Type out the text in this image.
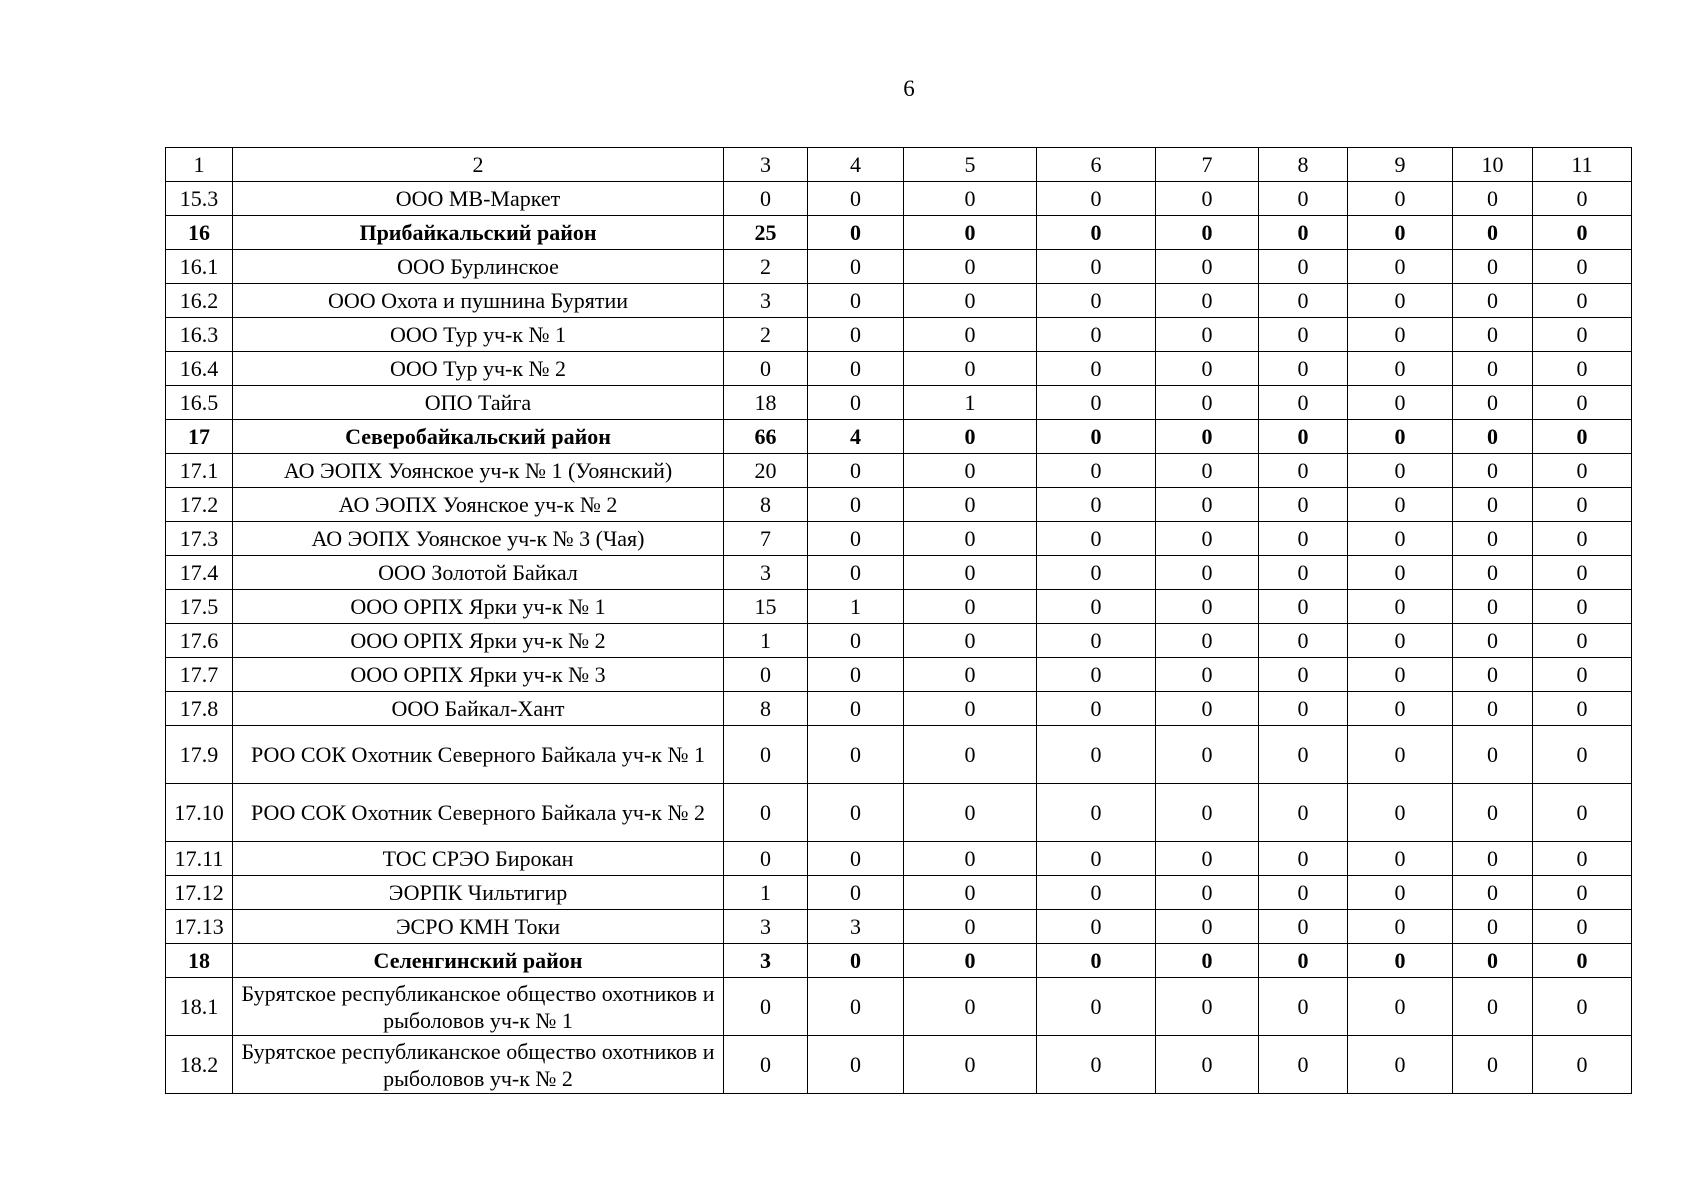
6
1	2	3	4	5	6	7	8	9	10	11
15.3	ООО МВ-Маркет	0	0	0	0	0	0	0	0	0
16	Прибайкальский район	25	0	0	0	0	0	0	0	0
16.1	ООО Бурлинское	2	0	0	0	0	0	0	0	0
16.2	ООО Охота и пушнина Бурятии	3	0	0	0	0	0	0	0	0
16.3	ООО Тур уч-к № 1	2	0	0	0	0	0	0	0	0
16.4	ООО Тур уч-к № 2	0	0	0	0	0	0	0	0	0
16.5	ОПО Тайга	18	0	1	0	0	0	0	0	0
17	Северобайкальский район	66	4	0	0	0	0	0	0	0
17.1	АО ЭОПХ Уоянское уч-к № 1 (Уоянский)	20	0	0	0	0	0	0	0	0
17.2	АО ЭОПХ Уоянское уч-к № 2	8	0	0	0	0	0	0	0	0
17.3	АО ЭОПХ Уоянское уч-к № 3 (Чая)	7	0	0	0	0	0	0	0	0
17.4	ООО Золотой Байкал	3	0	0	0	0	0	0	0	0
17.5	ООО ОРПХ Ярки уч-к № 1	15	1	0	0	0	0	0	0	0
17.6	ООО ОРПХ Ярки уч-к № 2	1	0	0	0	0	0	0	0	0
17.7	ООО ОРПХ Ярки уч-к № 3	0	0	0	0	0	0	0	0	0
17.8	ООО Байкал-Хант	8	0	0	0	0	0	0	0	0
17.9	РОО СОК Охотник Северного Байкала уч-к № 1	0	0	0	0	0	0	0	0	0
17.10	РОО СОК Охотник Северного Байкала уч-к № 2	0	0	0	0	0	0	0	0	0
17.11	ТОС СРЭО Бирокан	0	0	0	0	0	0	0	0	0
17.12	ЭОРПК Чильтигир	1	0	0	0	0	0	0	0	0
17.13	ЭСРО КМН Токи	3	3	0	0	0	0	0	0	0
18	Селенгинский район	3	0	0	0	0	0	0	0	0
18.1	Бурятское республиканское общество охотников и рыболовов уч-к № 1	0	0	0	0	0	0	0	0	0
18.2	Бурятское республиканское общество охотников и рыболовов уч-к № 2	0	0	0	0	0	0	0	0	0
